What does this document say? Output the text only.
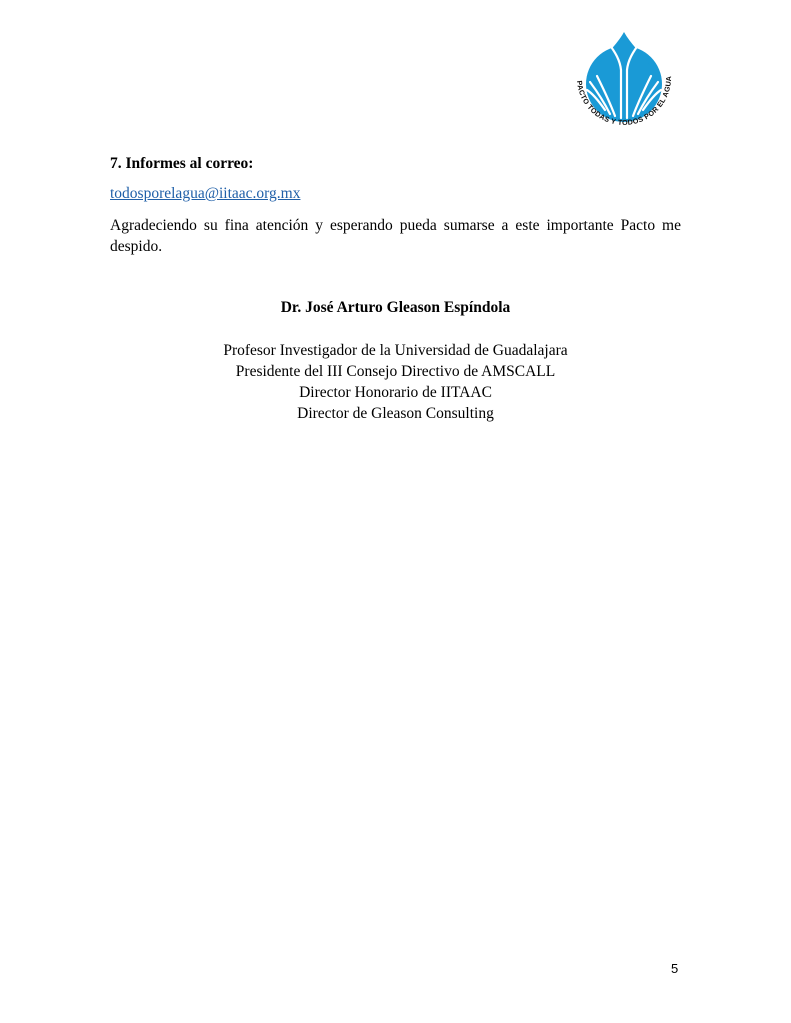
PACTO TODAS Y TODOS POR EL AGUA
7. Informes al correo:
todosporelagua@iitaac.org.mx
Agradeciendo su fina atención y esperando pueda sumarse a este importante Pacto me despido.
Dr. José Arturo Gleason Espíndola
Profesor Investigador de la Universidad de Guadalajara
Presidente del III Consejo Directivo de AMSCALL
Director Honorario de IITAAC
Director de Gleason Consulting
5
